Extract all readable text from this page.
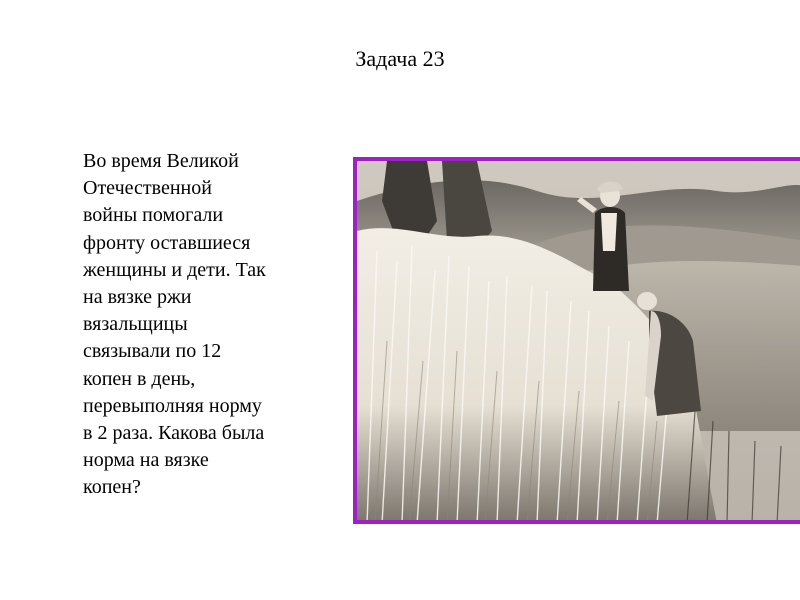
Задача 23
Во время Великой
Отечественной
войны помогали
фронту оставшиеся
женщины и дети. Так
на вязке ржи
вязальщицы
связывали по 12
копен в день,
перевыполняя норму
в 2 раза. Какова была
норма на вязке
копен?
